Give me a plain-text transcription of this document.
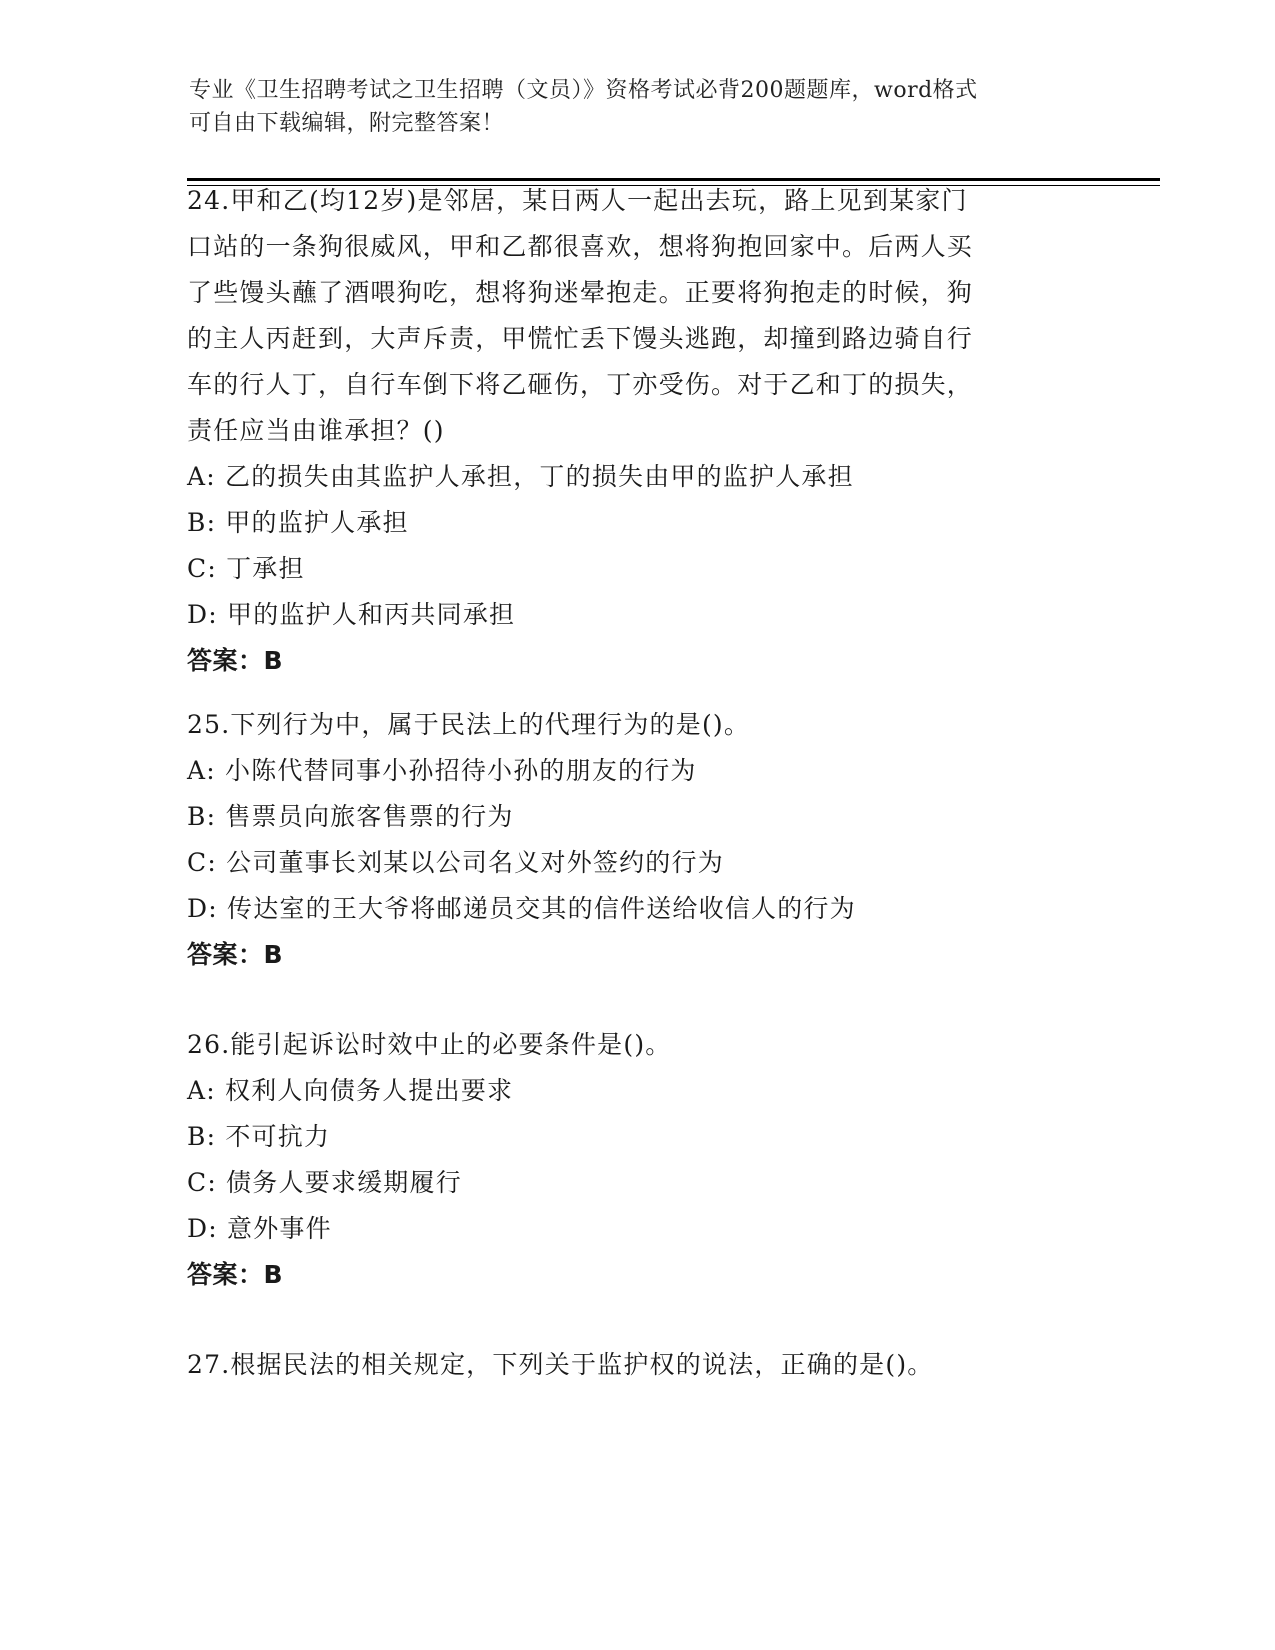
专业《卫生招聘考试之卫生招聘（文员）》资格考试必背200题题库，word格式
可自由下载编辑，附完整答案！
24.甲和乙(均12岁)是邻居，某日两人一起出去玩，路上见到某家门
口站的一条狗很威风，甲和乙都很喜欢，想将狗抱回家中。后两人买
了些馒头蘸了酒喂狗吃，想将狗迷晕抱走。正要将狗抱走的时候，狗
的主人丙赶到，大声斥责，甲慌忙丢下馒头逃跑，却撞到路边骑自行
车的行人丁，自行车倒下将乙砸伤，丁亦受伤。对于乙和丁的损失，
责任应当由谁承担？()
A: 乙的损失由其监护人承担，丁的损失由甲的监护人承担
B: 甲的监护人承担
C: 丁承担
D: 甲的监护人和丙共同承担
答案：B
25.下列行为中，属于民法上的代理行为的是()。
A: 小陈代替同事小孙招待小孙的朋友的行为
B: 售票员向旅客售票的行为
C: 公司董事长刘某以公司名义对外签约的行为
D: 传达室的王大爷将邮递员交其的信件送给收信人的行为
答案：B
26.能引起诉讼时效中止的必要条件是()。
A: 权利人向债务人提出要求
B: 不可抗力
C: 债务人要求缓期履行
D: 意外事件
答案：B
27.根据民法的相关规定，下列关于监护权的说法，正确的是()。
